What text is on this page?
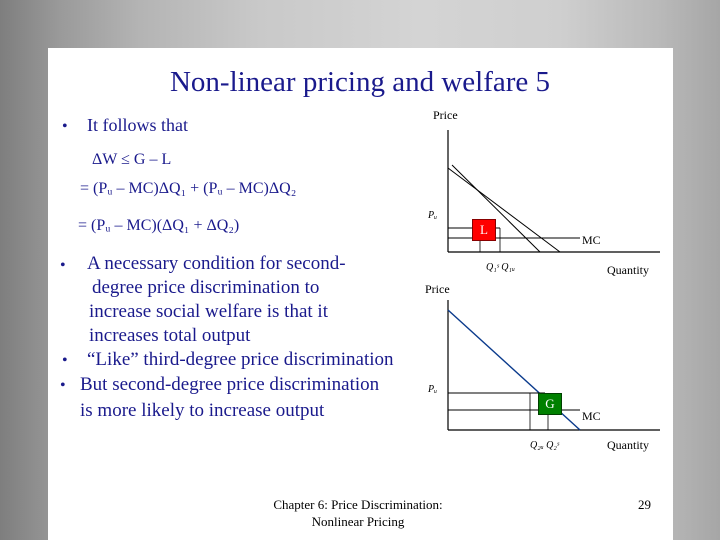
Non-linear pricing and welfare 5
• It follows that
ΔW ≤ G – L
= (Pᵤ – MC)ΔQ₁ + (Pᵤ – MC)ΔQ₂
= (Pᵤ – MC)(ΔQ₁ + ΔQ₂)
• A necessary condition for second-
degree price discrimination to
increase social welfare is that it
increases total output
• “Like” third-degree price discrimination
• But second-degree price discrimination
is more likely to increase output
Price
Pᵤ
L
MC
Q₁ˢ Q₁ᵤ	Quantity
Price
Pᵤ
G
MC
Q₂ᵤ Q₂ˢ	Quantity
Chapter 6: Price Discrimination:
Nonlinear Pricing
29
